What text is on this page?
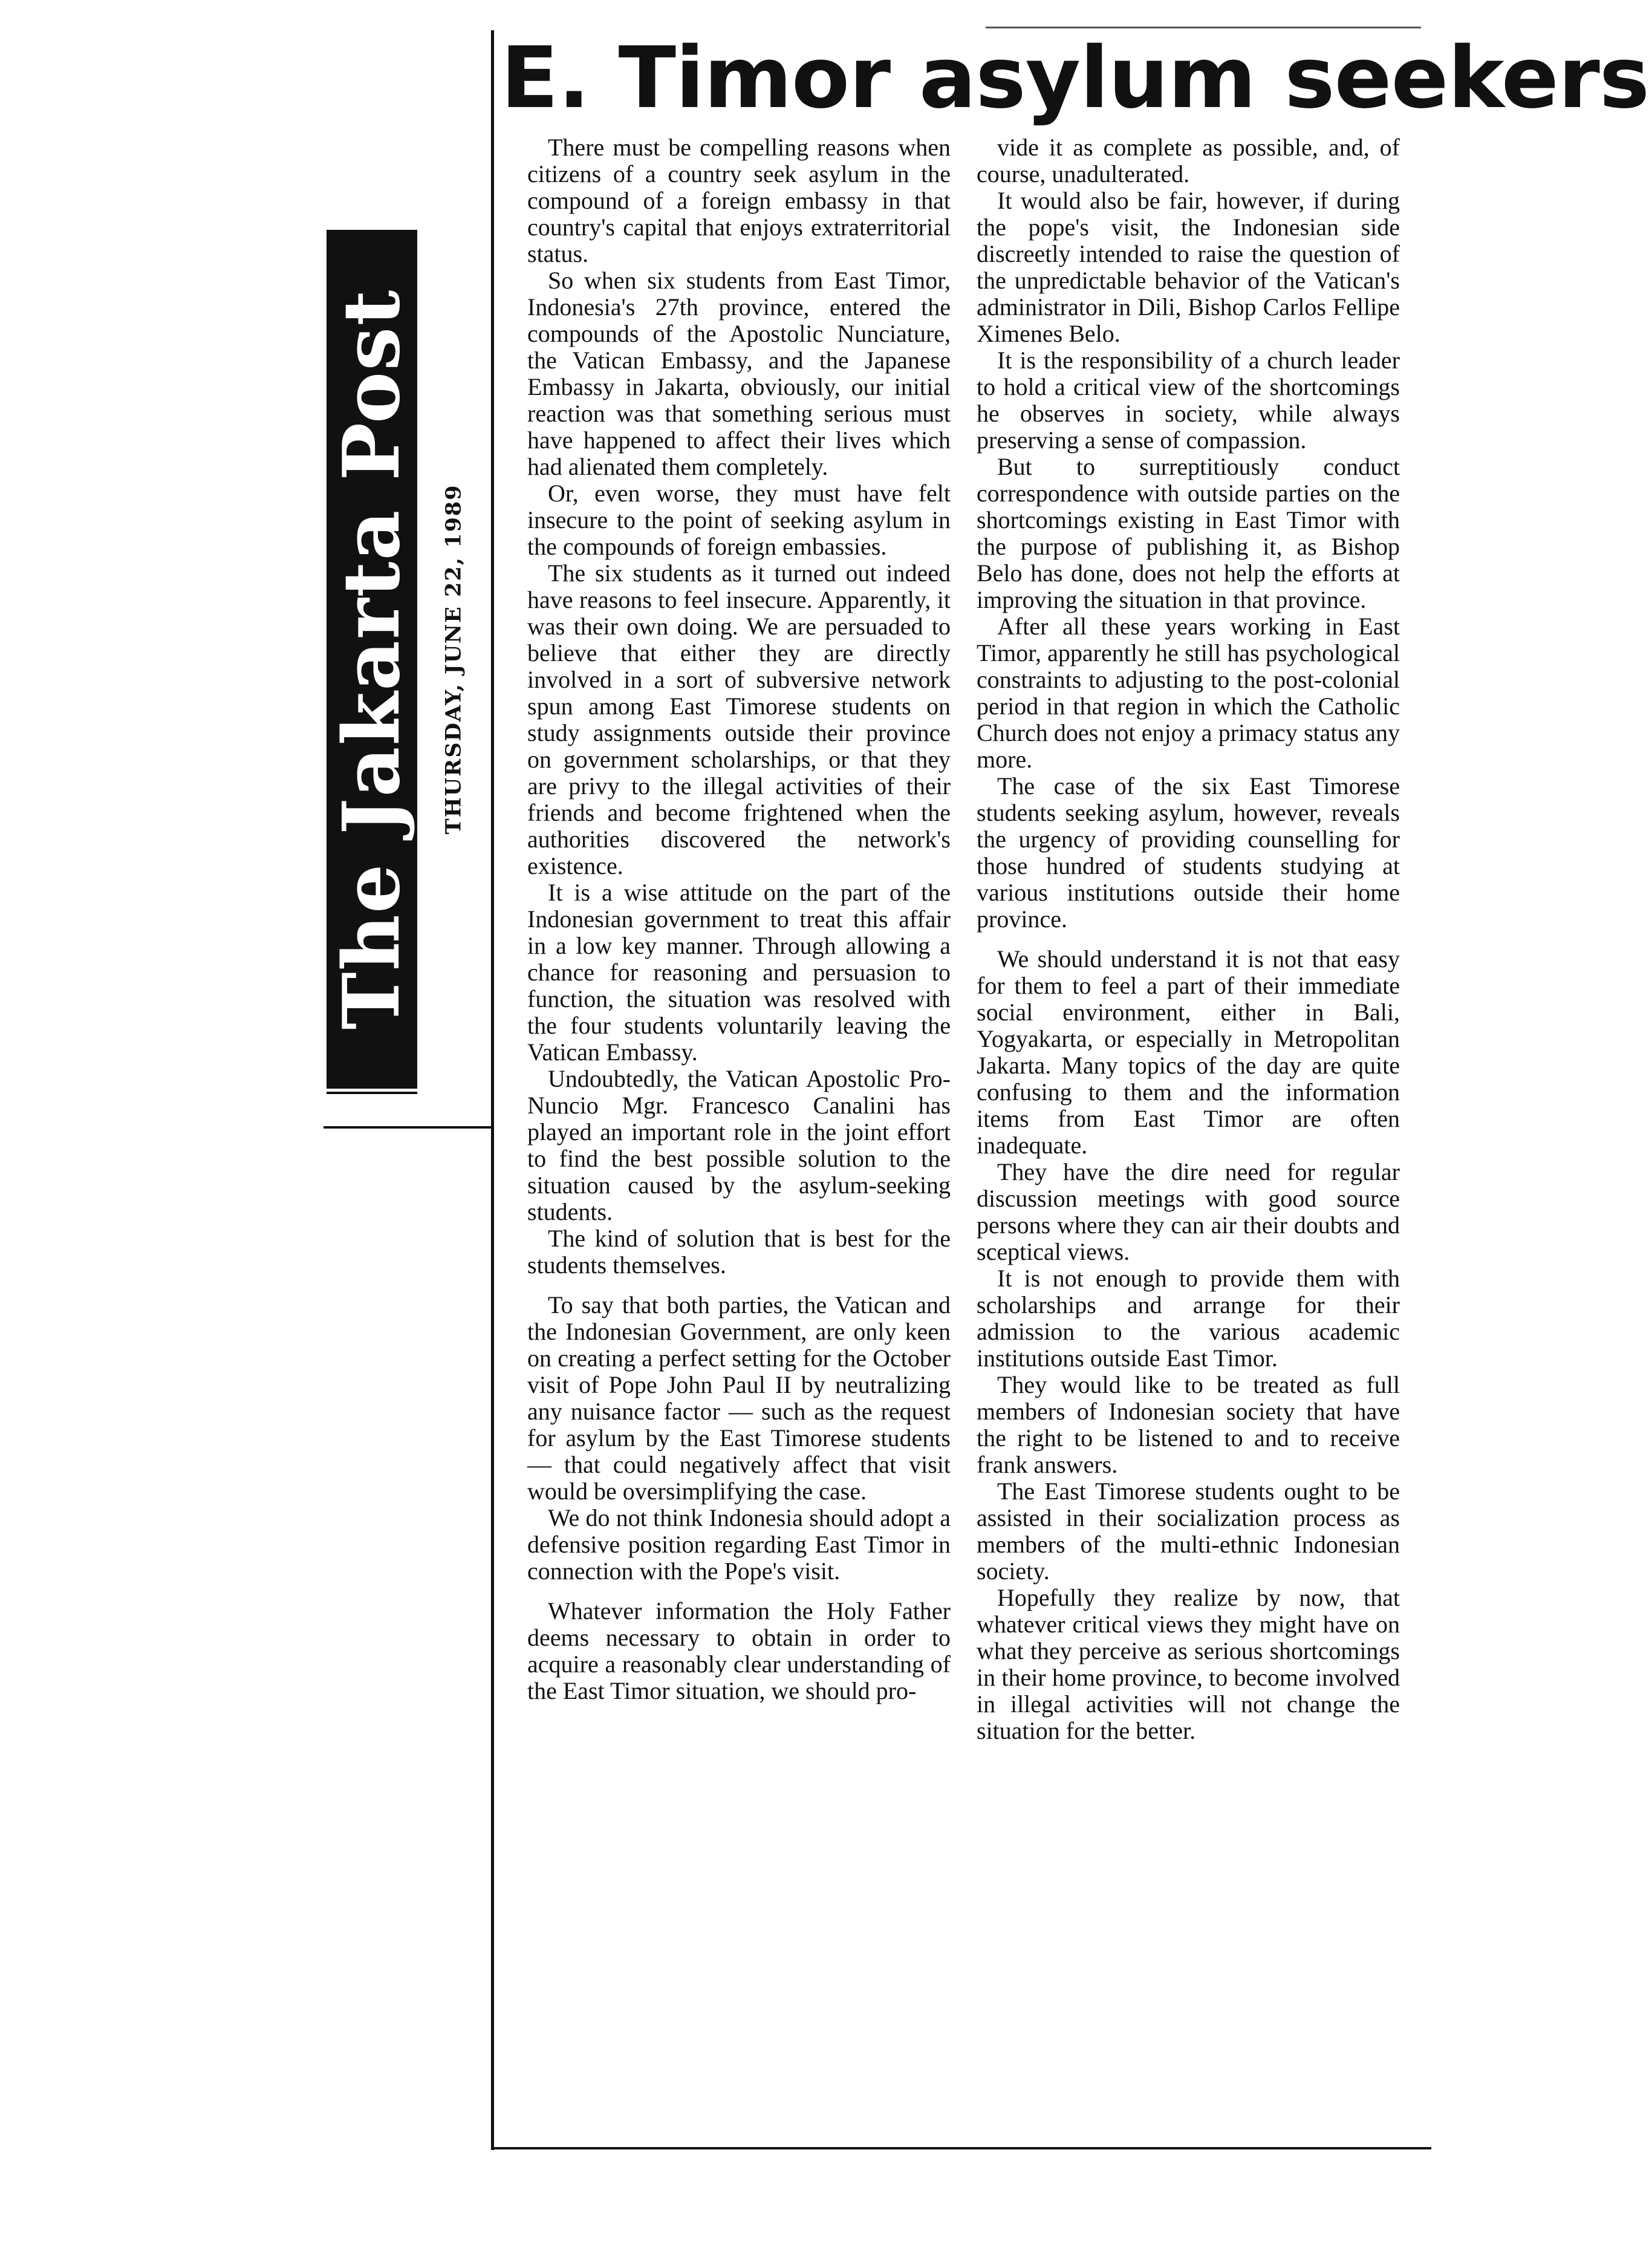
The Jakarta Post THURSDAY, JUNE 22, 1989
E. Timor asylum seekers

There must be compelling reasons when citizens of a country seek asylum in the compound of a foreign embassy in that country's capital that enjoys extraterritorial status.

So when six students from East Timor, Indonesia's 27th province, entered the compounds of the Apostolic Nunciature, the Vatican Embassy, and the Japanese Embassy in Jakarta, obviously, our initial reaction was that something serious must have happened to affect their lives which had alienated them completely.

Or, even worse, they must have felt insecure to the point of seeking asylum in the compounds of foreign embassies.

The six students as it turned out indeed have reasons to feel insecure. Apparently, it was their own doing. We are persuaded to believe that either they are directly involved in a sort of subversive network spun among East Timorese students on study assignments outside their province on government scholarships, or that they are privy to the illegal activities of their friends and become frightened when the authorities discovered the network's existence.

It is a wise attitude on the part of the Indonesian government to treat this affair in a low key manner. Through allowing a chance for reasoning and persuasion to function, the situation was resolved with the four students voluntarily leaving the Vatican Embassy.

Undoubtedly, the Vatican Apostolic Pro-Nuncio Mgr. Francesco Canalini has played an important role in the joint effort to find the best possible solution to the situation caused by the asylum-seeking students.

The kind of solution that is best for the students themselves.

To say that both parties, the Vatican and the Indonesian Government, are only keen on creating a perfect setting for the October visit of Pope John Paul II by neutralizing any nuisance factor — such as the request for asylum by the East Timorese students — that could negatively affect that visit would be oversimplifying the case.

We do not think Indonesia should adopt a defensive position regarding East Timor in connection with the Pope's visit.

Whatever information the Holy Father deems necessary to obtain in order to acquire a reasonably clear understanding of the East Timor situation, we should pro-

vide it as complete as possible, and, of course, unadulterated.

It would also be fair, however, if during the pope's visit, the Indonesian side discreetly intended to raise the question of the unpredictable behavior of the Vatican's administrator in Dili, Bishop Carlos Fellipe Ximenes Belo.

It is the responsibility of a church leader to hold a critical view of the shortcomings he observes in society, while always preserving a sense of compassion.

But to surreptitiously conduct correspondence with outside parties on the shortcomings existing in East Timor with the purpose of publishing it, as Bishop Belo has done, does not help the efforts at improving the situation in that province.

After all these years working in East Timor, apparently he still has psychological constraints to adjusting to the post-colonial period in that region in which the Catholic Church does not enjoy a primacy status any more.

The case of the six East Timorese students seeking asylum, however, reveals the urgency of providing counselling for those hundred of students studying at various institutions outside their home province.

We should understand it is not that easy for them to feel a part of their immediate social environment, either in Bali, Yogyakarta, or especially in Metropolitan Jakarta. Many topics of the day are quite confusing to them and the information items from East Timor are often inadequate.

They have the dire need for regular discussion meetings with good source persons where they can air their doubts and sceptical views.

It is not enough to provide them with scholarships and arrange for their admission to the various academic institutions outside East Timor.

They would like to be treated as full members of Indonesian society that have the right to be listened to and to receive frank answers.

The East Timorese students ought to be assisted in their socialization process as members of the multi-ethnic Indonesian society.

Hopefully they realize by now, that whatever critical views they might have on what they perceive as serious shortcomings in their home province, to become involved in illegal activities will not change the situation for the better.
